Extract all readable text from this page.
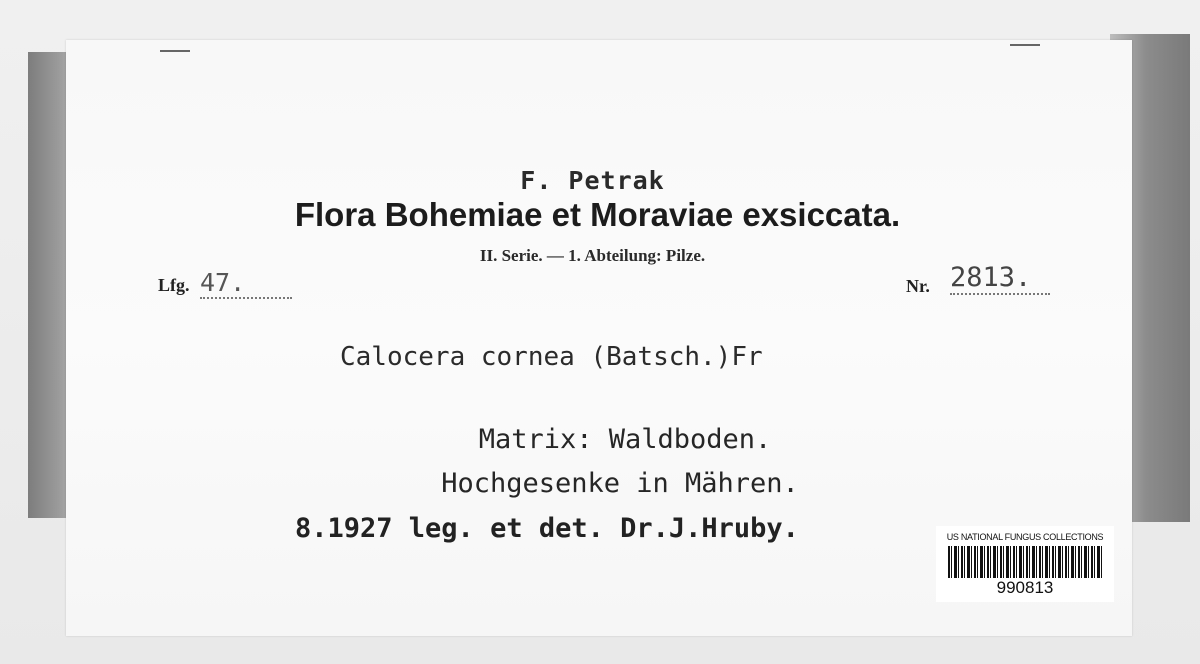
F. Petrak
Flora Bohemiae et Moraviae exsiccata.
II. Serie. — 1. Abteilung: Pilze.
Lfg. 47.	Nr. 2813.
Calocera cornea (Batsch.)Fr
Matrix: Waldboden.
Hochgesenke in Mähren.
8.1927 leg. et det. Dr.J.Hruby.	US NATIONAL FUNGUS COLLECTIONS
990813
